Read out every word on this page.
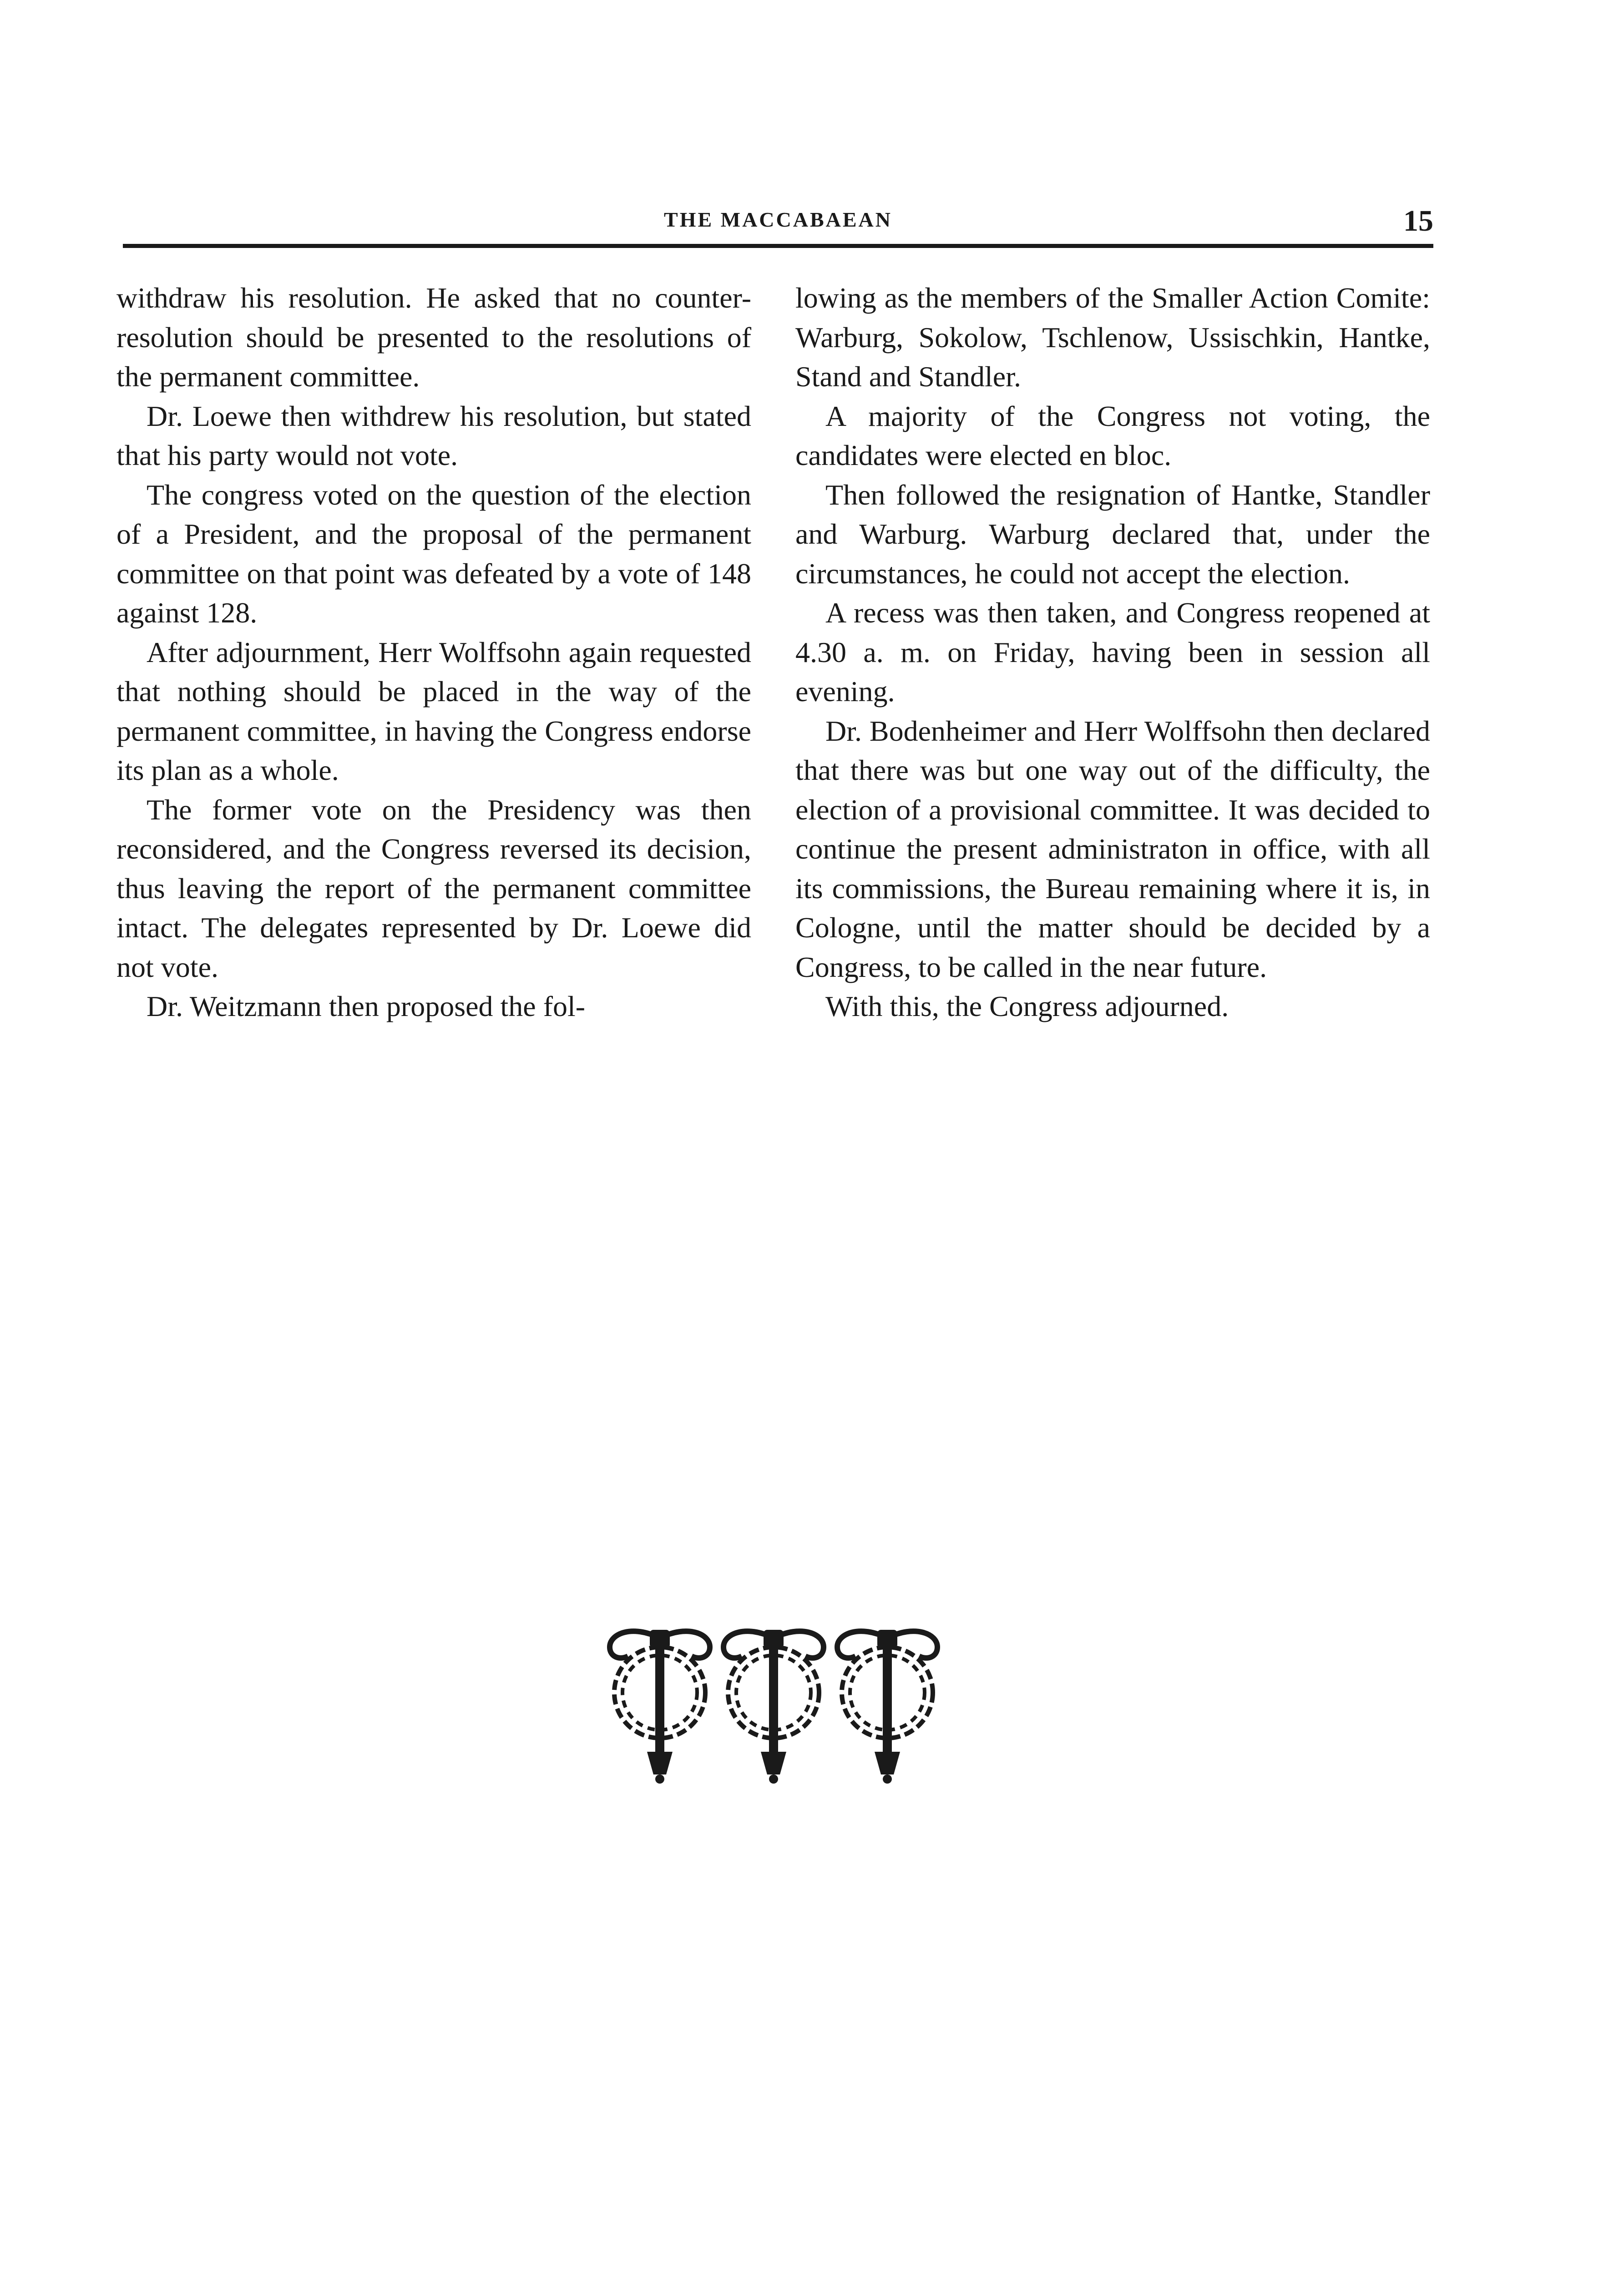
THE MACCABAEAN	15

withdraw his resolution. He asked that no counter-resolution should be presented to the resolutions of the permanent committee.

Dr. Loewe then withdrew his resolution, but stated that his party would not vote.

The congress voted on the question of the election of a President, and the proposal of the permanent committee on that point was defeated by a vote of 148 against 128.

After adjournment, Herr Wolffsohn again requested that nothing should be placed in the way of the permanent committee, in having the Congress endorse its plan as a whole.

The former vote on the Presidency was then reconsidered, and the Congress reversed its decision, thus leaving the report of the permanent committee intact. The delegates represented by Dr. Loewe did not vote.

Dr. Weitzmann then proposed the fol-

lowing as the members of the Smaller Action Comite: Warburg, Sokolow, Tschlenow, Ussischkin, Hantke, Stand and Standler.

A majority of the Congress not voting, the candidates were elected en bloc.

Then followed the resignation of Hantke, Standler and Warburg. Warburg declared that, under the circumstances, he could not accept the election.

A recess was then taken, and Congress reopened at 4.30 a. m. on Friday, having been in session all evening.

Dr. Bodenheimer and Herr Wolffsohn then declared that there was but one way out of the difficulty, the election of a provisional committee. It was decided to continue the present administraton in office, with all its commissions, the Bureau remaining where it is, in Cologne, until the matter should be decided by a Congress, to be called in the near future.

With this, the Congress adjourned.
